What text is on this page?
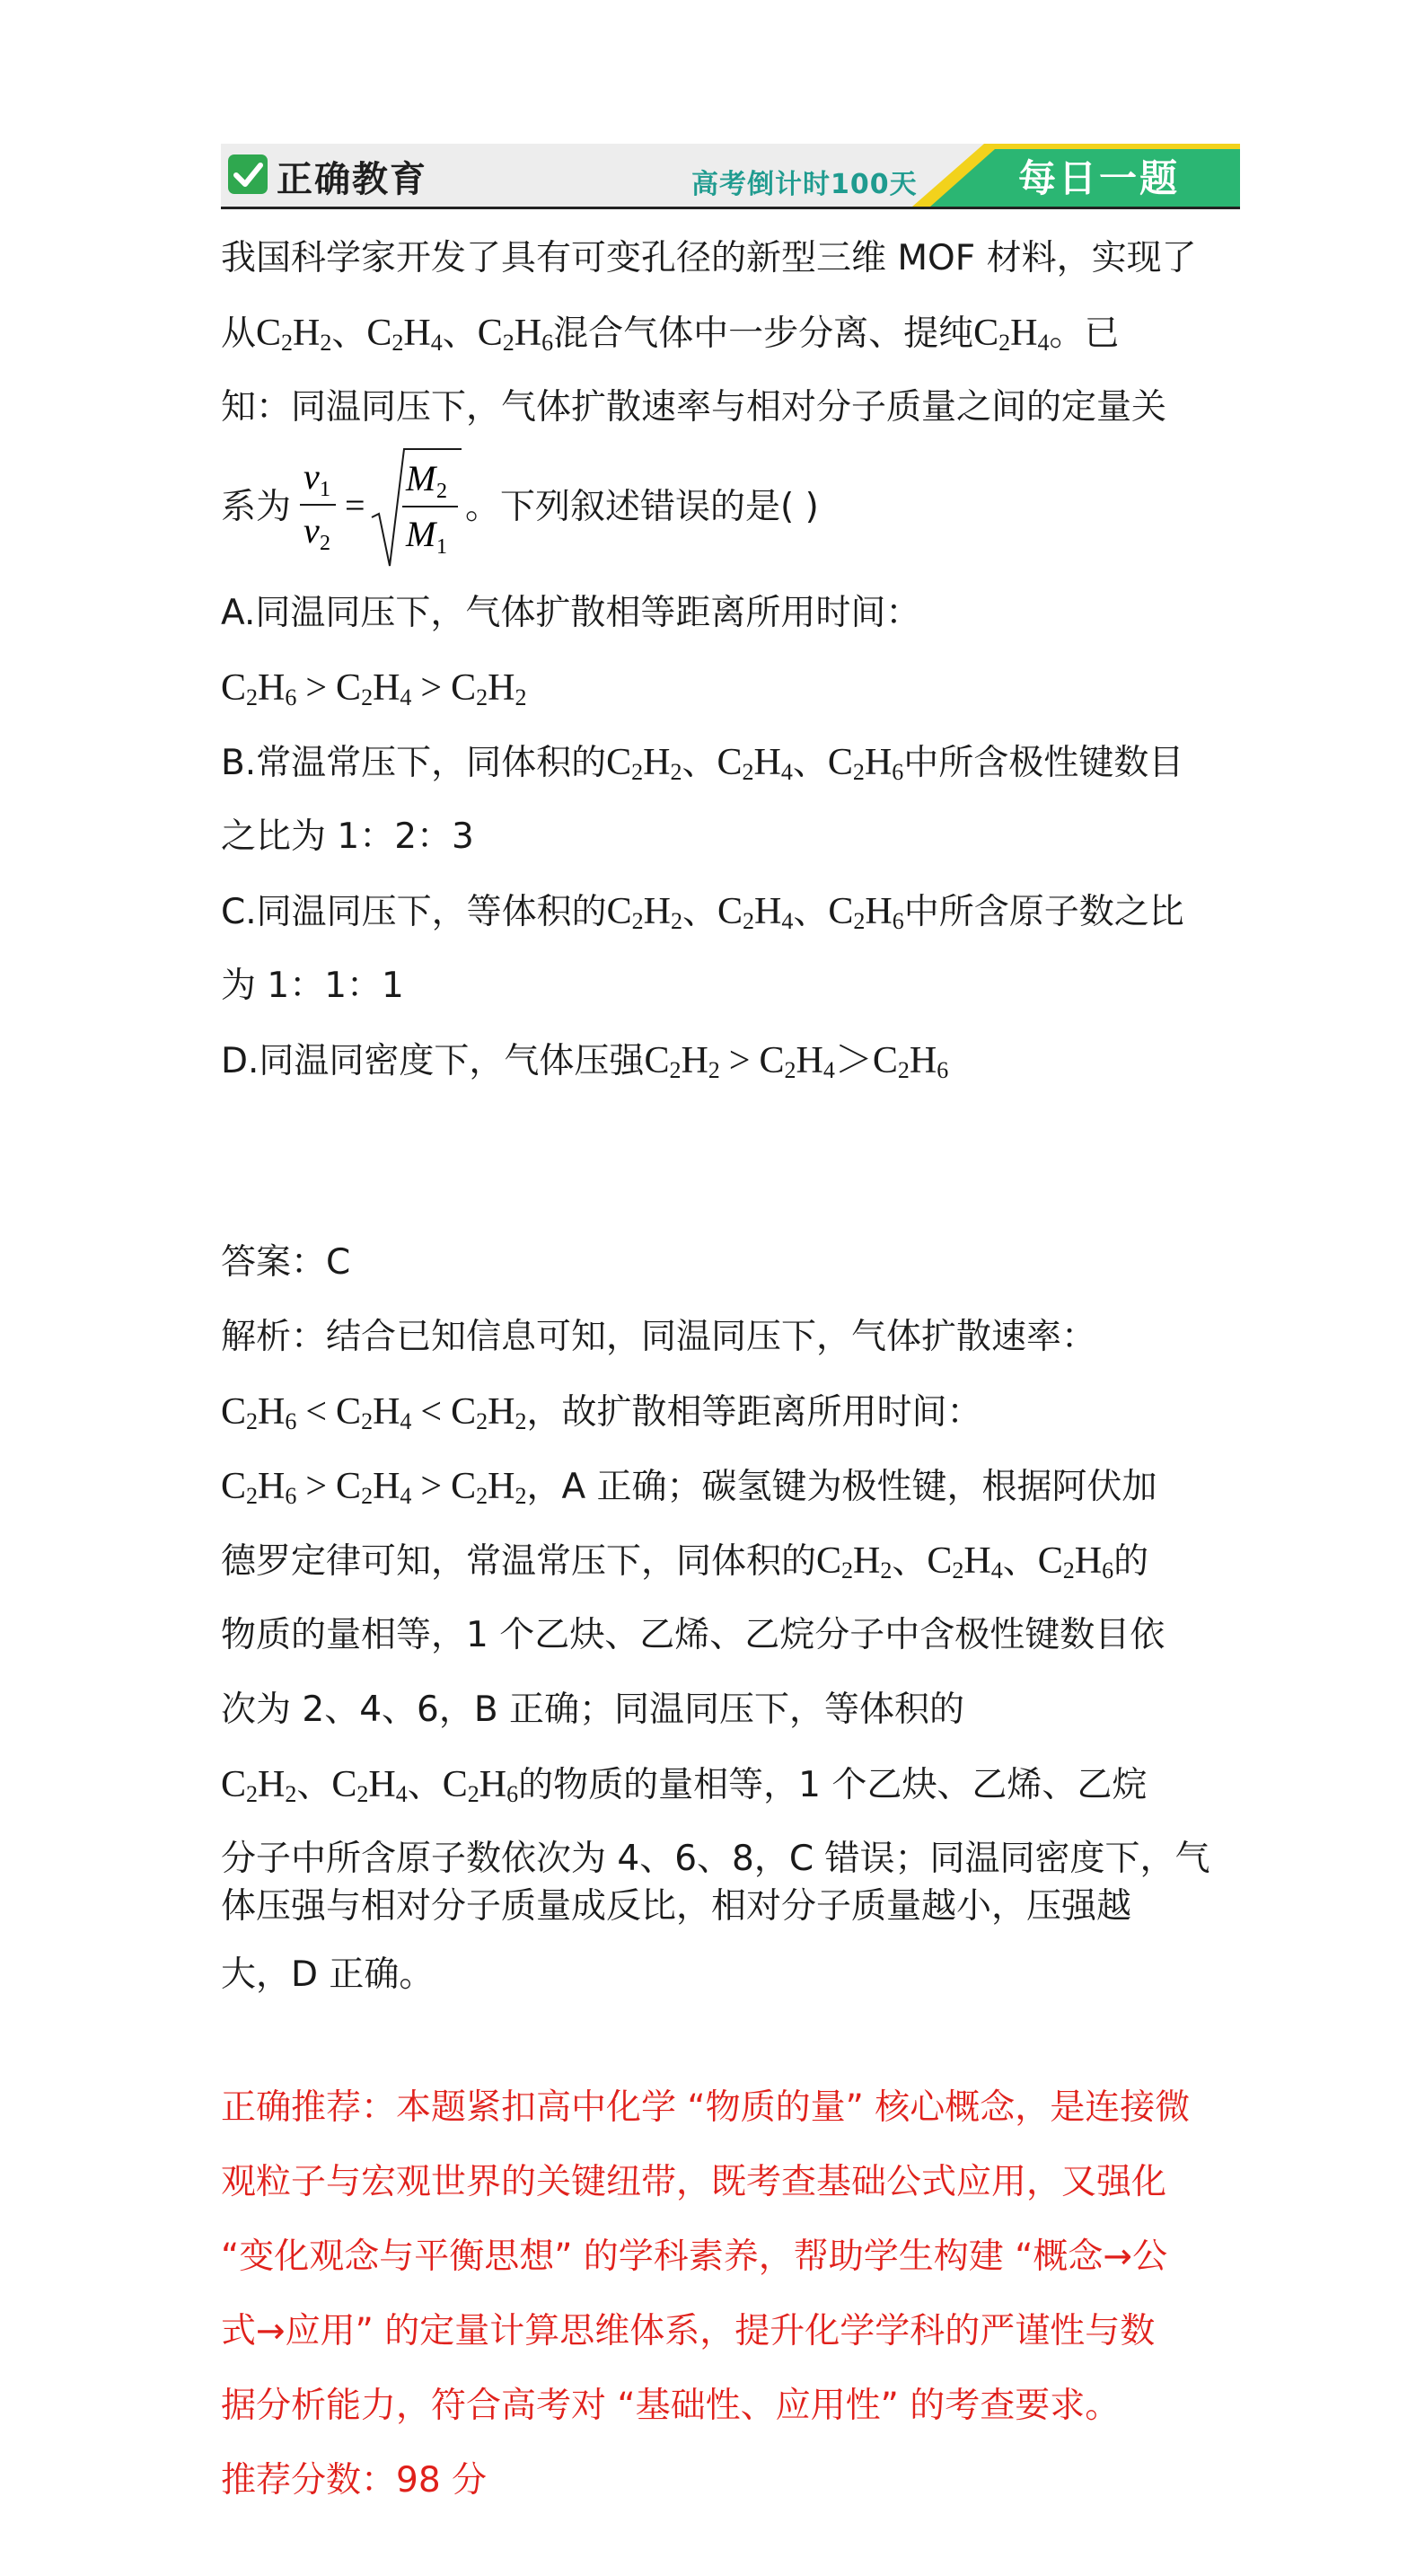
正确教育	高考倒计时100天	每日一题
我国科学家开发了具有可变孔径的新型三维 MOF 材料，实现了
从$C_2H_2$、$C_2H_4$、$C_2H_6$混合气体中一步分离、提纯$C_2H_4$。已
知：同温同压下，气体扩散速率与相对分子质量之间的定量关
系为
v 1
v 2
=
M 2
M 1
。下列叙述错误的是( )
A.同温同压下，气体扩散相等距离所用时间：
$C_2H_6 > C_2H_4 > C_2H_2$
B.常温常压下，同体积的$C_2H_2$、$C_2H_4$、$C_2H_6$中所含极性键数目
之比为 1：2：3
C.同温同压下，等体积的$C_2H_2$、$C_2H_4$、$C_2H_6$中所含原子数之比
为 1：1：1
D.同温同密度下，气体压强$C_2H_2 > C_2H_4>C_2H_6$
答案：C
解析：结合已知信息可知，同温同压下，气体扩散速率：
$C_2H_6 < C_2H_4 < C_2H_2$，故扩散相等距离所用时间：
$C_2H_6 > C_2H_4 > C_2H_2$，A 正确；碳氢键为极性键，根据阿伏加
德罗定律可知，常温常压下，同体积的$C_2H_2$、$C_2H_4$、$C_2H_6$的
物质的量相等，1 个乙炔、乙烯、乙烷分子中含极性键数目依
次为 2、4、6，B 正确；同温同压下，等体积的
$C_2H_2$、$C_2H_4$、$C_2H_6$的物质的量相等，1 个乙炔、乙烯、乙烷
分子中所含原子数依次为 4、6、8，C 错误；同温同密度下，气
体压强与相对分子质量成反比，相对分子质量越小，压强越
大，D 正确。
正确推荐：本题紧扣高中化学 “物质的量” 核心概念，是连接微
观粒子与宏观世界的关键纽带，既考查基础公式应用，又强化
“变化观念与平衡思想” 的学科素养，帮助学生构建 “概念→公
式→应用” 的定量计算思维体系，提升化学学科的严谨性与数
据分析能力，符合高考对 “基础性、应用性” 的考查要求。
推荐分数：98 分
